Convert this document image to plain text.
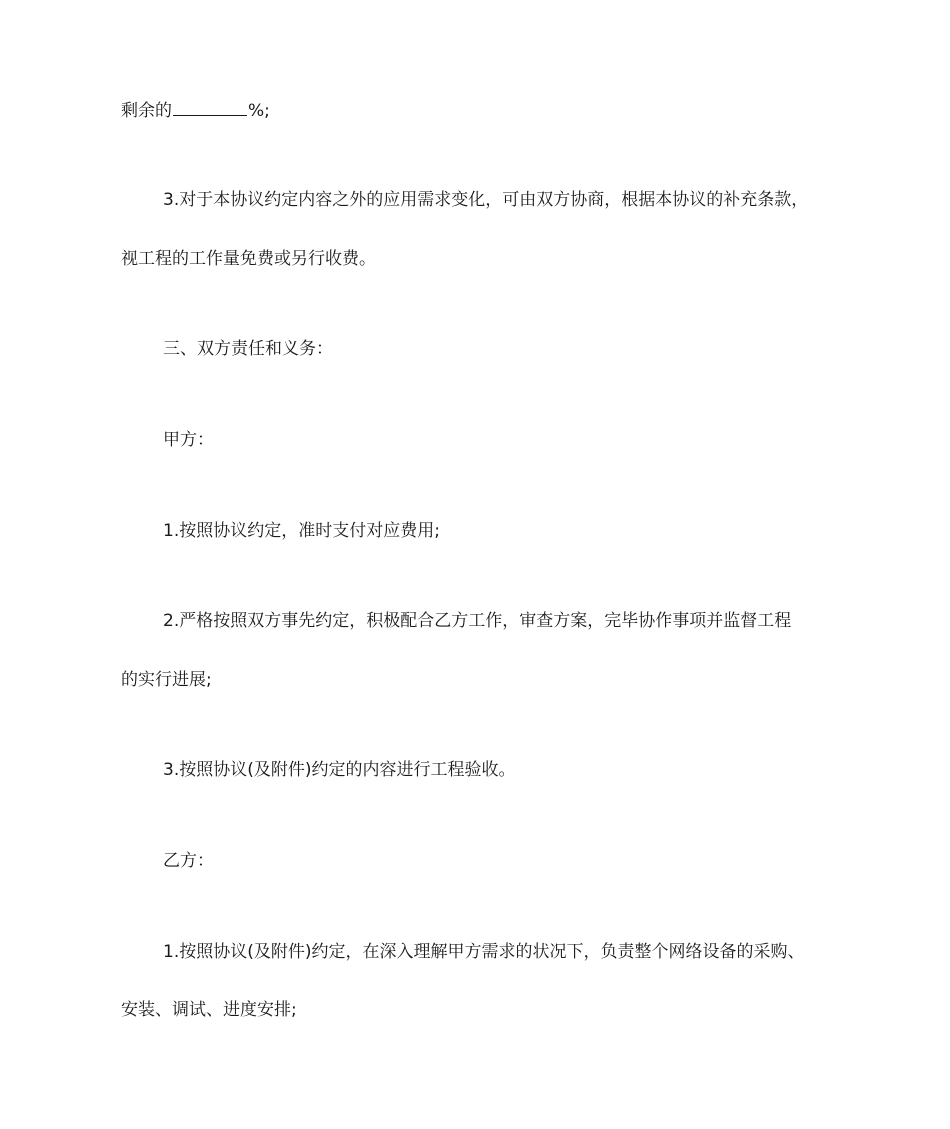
剩余的	%;
3.对于本协议约定内容之外的应用需求变化，可由双方协商，根据本协议的补充条款，
视工程的工作量免费或另行收费。
三、双方责任和义务：
甲方：
1.按照协议约定，准时支付对应费用;
2.严格按照双方事先约定，积极配合乙方工作，审查方案，完毕协作事项并监督工程
的实行进展;
3.按照协议(及附件)约定的内容进行工程验收。
乙方：
1.按照协议(及附件)约定，在深入理解甲方需求的状况下，负责整个网络设备的采购、
安装、调试、进度安排;
